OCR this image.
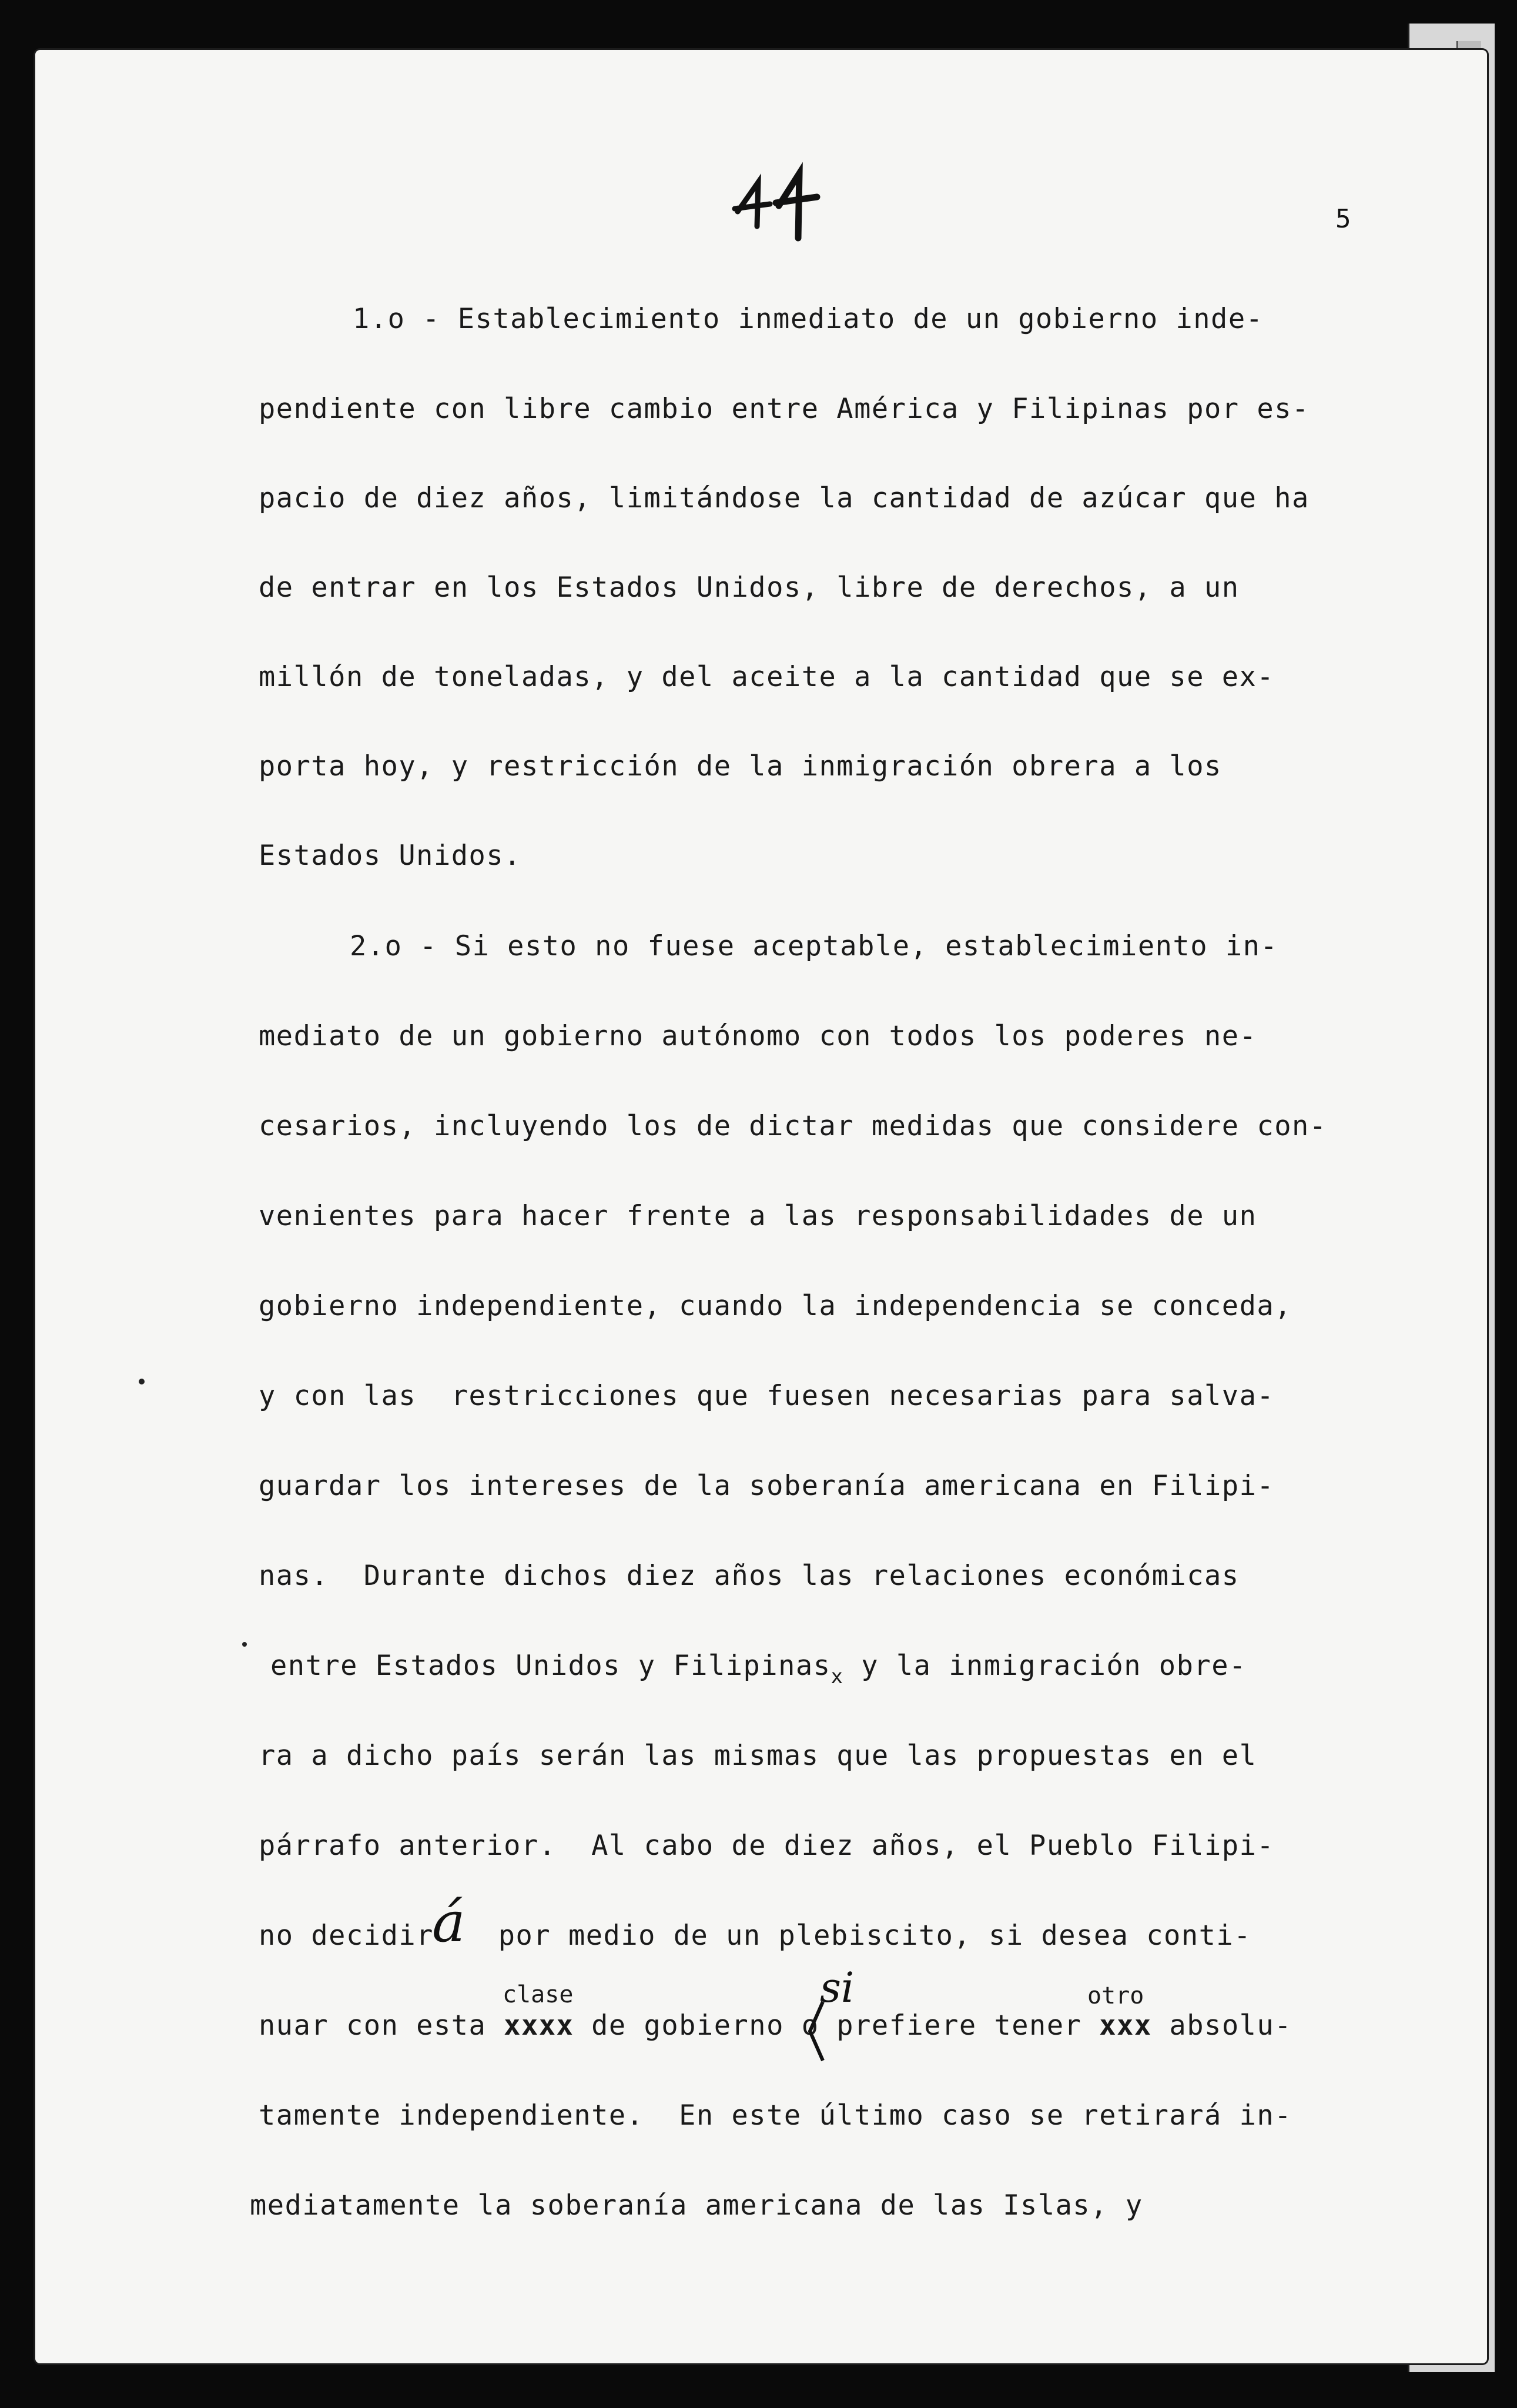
5
1.o - Establecimiento inmediato de un gobierno inde-
pendiente con libre cambio entre América y Filipinas por es-
pacio de diez años, limitándose la cantidad de azúcar que ha
de entrar en los Estados Unidos, libre de derechos, a un
millón de toneladas, y del aceite a la cantidad que se ex-
porta hoy, y restricción de la inmigración obrera a los
Estados Unidos.
2.o - Si esto no fuese aceptable, establecimiento in-
mediato de un gobierno autónomo con todos los poderes ne-
cesarios, incluyendo los de dictar medidas que considere con-
venientes para hacer frente a las responsabilidades de un
gobierno independiente, cuando la independencia se conceda,
y con las  restricciones que fuesen necesarias para salva-
guardar los intereses de la soberanía americana en Filipi-
nas.  Durante dichos diez años las relaciones económicas
entre Estados Unidos y Filipinas$_x$ y la inmigración obre-
ra a dicho país serán las mismas que las propuestas en el
párrafo anterior.  Al cabo de diez años, el Pueblo Filipi-
no decidir por medio de un plebiscito, si desea conti-
nuar con esta xxxx de gobierno o prefiere tener xxx absolu-
tamente independiente.  En este último caso se retirará in-
mediatamente la soberanía americana de las Islas, y
clase	otro
á
si
